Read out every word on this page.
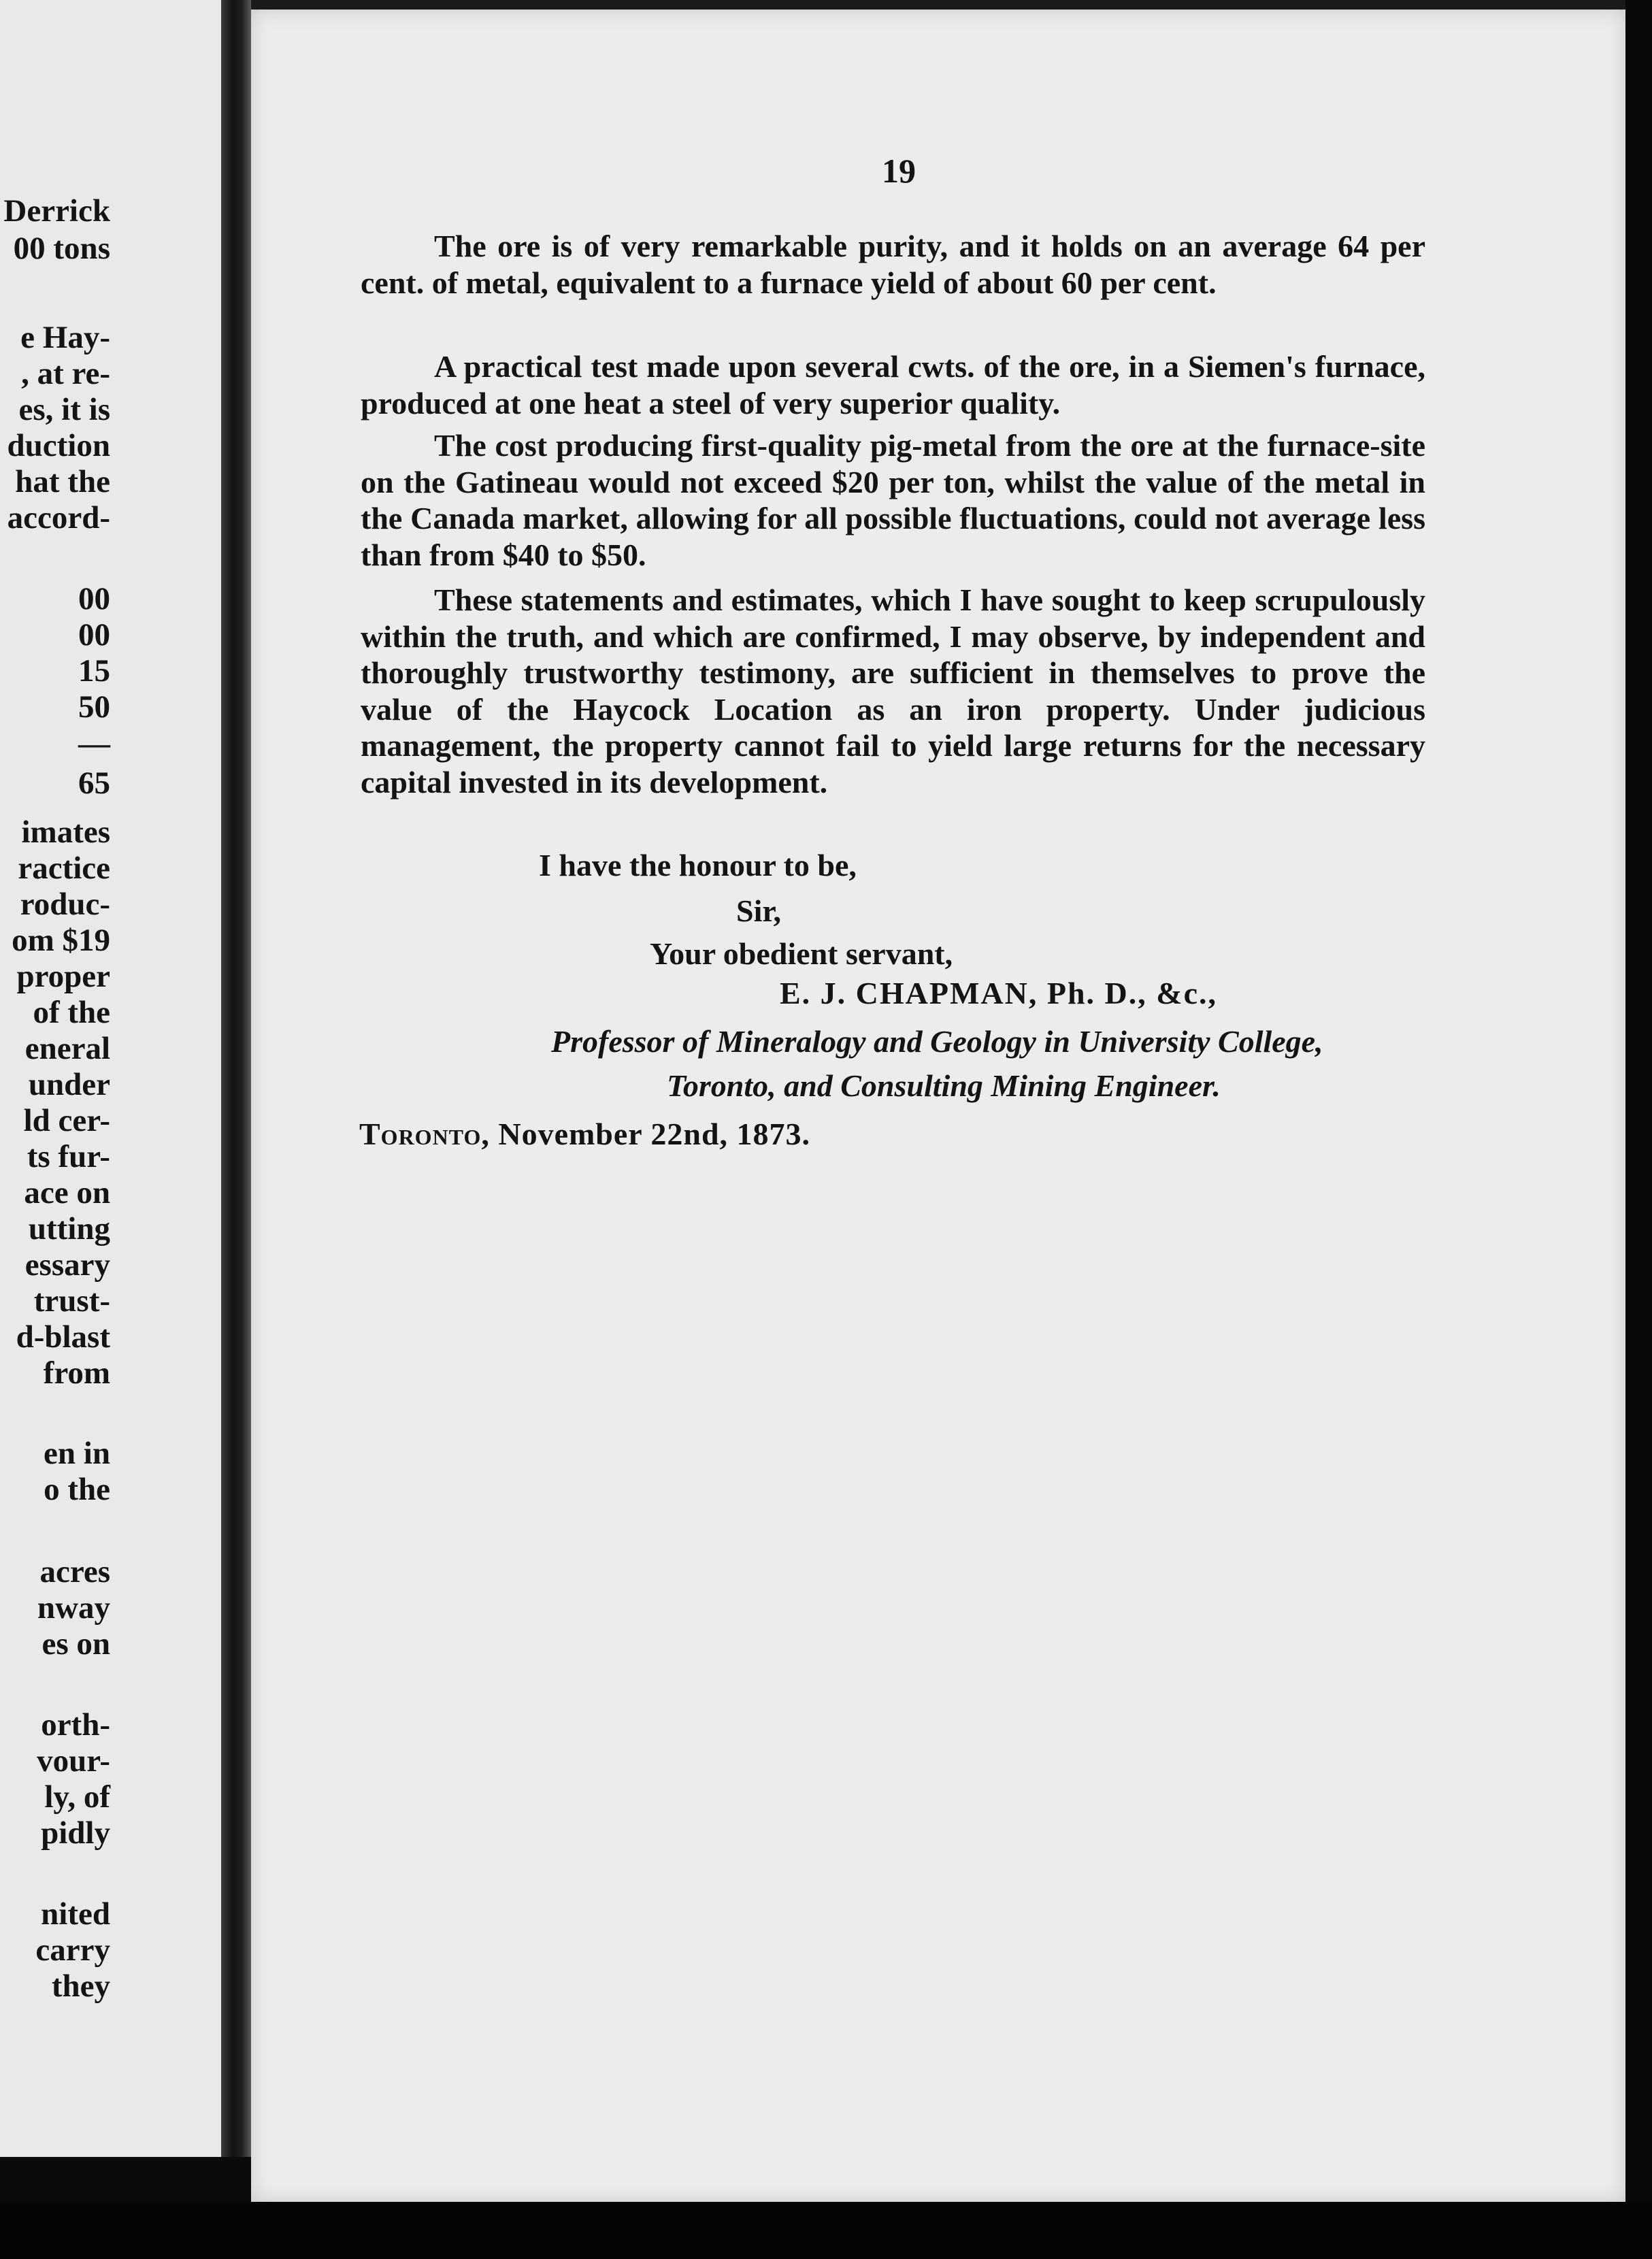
Derrick
00 tons
e Hay-
, at re-
es, it is
duction
hat the
accord-
00
00
15
50
—
65
imates
ractice
roduc-
om $19
proper
of the
eneral
under
ld cer-
ts fur-
ace on
utting
essary
trust-
d-blast
from
en in
o the
acres
nway
es on
orth-
vour-
ly, of
pidly
nited
carry
they
19

The ore is of very remarkable purity, and it holds on an average 64 per cent. of metal, equivalent to a furnace yield of about 60 per cent.

A practical test made upon several cwts. of the ore, in a Siemen's furnace, produced at one heat a steel of very superior quality.

The cost producing first-quality pig-metal from the ore at the furnace-site on the Gatineau would not exceed $20 per ton, whilst the value of the metal in the Canada market, allowing for all possible fluctuations, could not average less than from $40 to $50.

These statements and estimates, which I have sought to keep scrupulously within the truth, and which are confirmed, I may observe, by independent and thoroughly trustworthy testimony, are sufficient in themselves to prove the value of the Haycock Location as an iron property. Under judicious management, the property cannot fail to yield large returns for the necessary capital invested in its development.

I have the honour to be,
Sir,
Your obedient servant,
E. J. CHAPMAN, Ph. D., &c.,
Professor of Mineralogy and Geology in University College,
Toronto, and Consulting Mining Engineer.
Toronto, November 22nd, 1873.
